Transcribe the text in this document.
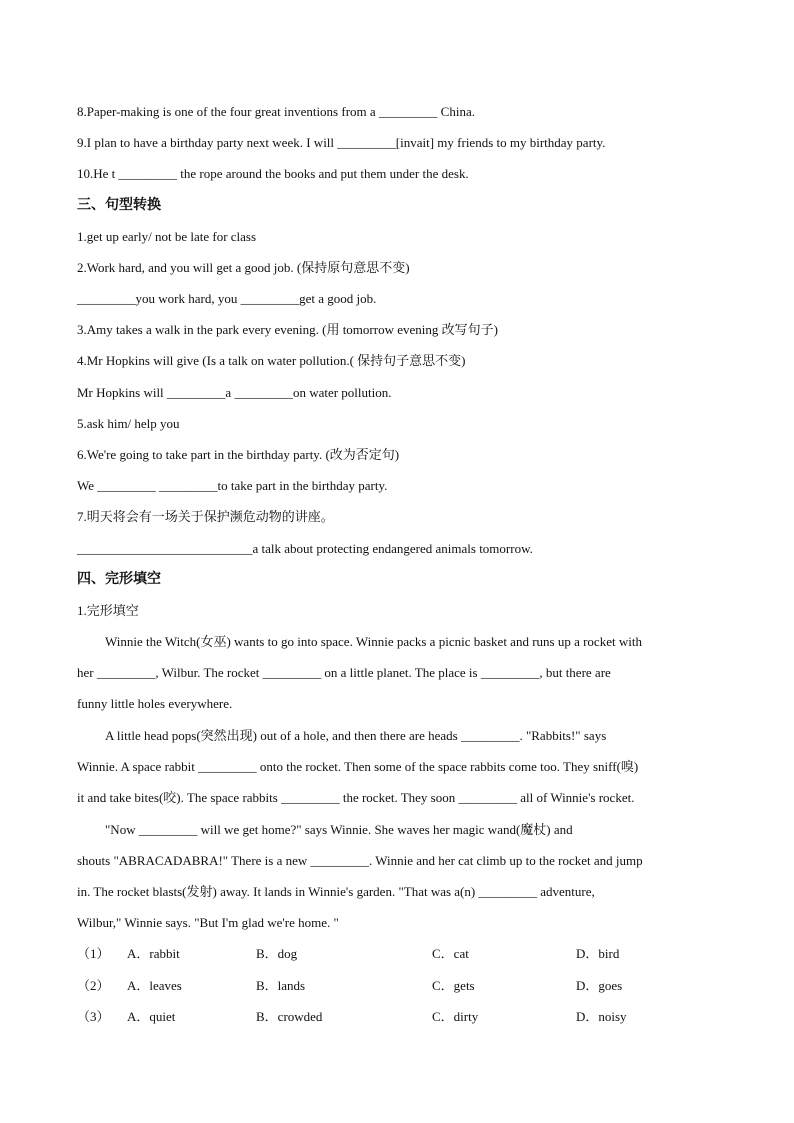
8.Paper-making is one of the four great inventions from a _________ China.
9.I plan to have a birthday party next week. I will _________[invait] my friends to my birthday party.
10.He t _________ the rope around the books and put them under the desk.
三、句型转换
1.get up early/ not be late for class
2.Work hard, and you will get a good job. (保持原句意思不变)
_________you work hard, you _________get a good job.
3.Amy takes a walk in the park every evening. (用 tomorrow evening 改写句子)
4.Mr Hopkins will give (Is a talk on water pollution.( 保持句子意思不变)
Mr Hopkins will _________a _________on water pollution.
5.ask him/ help you
6.We're going to take part in the birthday party. (改为否定句)
We _________ _________to take part in the birthday party.
7.明天将会有一场关于保护濒危动物的讲座。
___________________________a talk about protecting endangered animals tomorrow.
四、完形填空
1.完形填空
Winnie the Witch(女巫) wants to go into space. Winnie packs a picnic basket and runs up a rocket with
her _________, Wilbur. The rocket _________ on a little planet. The place is _________, but there are
funny little holes everywhere.
A little head pops(突然出现) out of a hole, and then there are heads _________. "Rabbits!" says
Winnie. A space rabbit _________ onto the rocket. Then some of the space rabbits come too. They sniff(嗅)
it and take bites(咬). The space rabbits _________ the rocket. They soon _________ all of Winnie's rocket.
"Now _________ will we get home?" says Winnie. She waves her magic wand(魔杖) and
shouts "ABRACADABRA!" There is a new _________. Winnie and her cat climb up to the rocket and jump
in. The rocket blasts(发射) away. It lands in Winnie's garden. "That was a(n) _________ adventure,
Wilbur," Winnie says. "But I'm glad we're home. "
（1） A．rabbit	B．dog	C．cat	D．bird
（2） A．leaves	B．lands	C．gets	D．goes
（3） A．quiet	B．crowded	C．dirty	D．noisy
